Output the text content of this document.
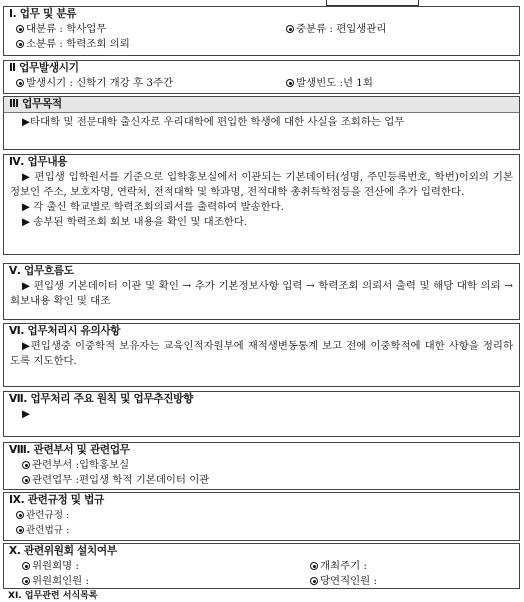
Ⅰ. 업무 및 분류
대분류 : 학사업무	중분류 : 편입생관리
소분류 : 학력조회 의뢰
Ⅱ 업무발생시기
발생시기 : 신학기 개강 후 3주간	발생빈도 :년 1회
Ⅲ 업무목적
▶타대학 및 전문대학 출신자로 우리대학에 편입한 학생에 대한 사실을 조회하는 업무
Ⅳ. 업무내용
▶ 편입생 입학원서를 기준으로 입학홍보실에서 이관되는 기본데이터(성명, 주민등록번호, 학번)이외의 기본정보인 주소, 보호자명, 연락처, 전적대학 및 학과명, 전적대학 총취득학점등을 전산에 추가 입력한다.
▶ 각 출신 학교별로 학력조회의뢰서를 출력하여 발송한다.
▶ 송부된 학력조회 회보 내용을 확인 및 대조한다.
Ⅴ. 업무흐름도
▶ 편입생 기본데이터 이관 및 확인 → 추가 기본정보사항 입력 → 학력조회 의뢰서 출력 및 해당 대학 의뢰 → 회보내용 확인 및 대조
Ⅵ. 업무처리시 유의사항
▶편입생중 이중학적 보유자는 교육인적자원부에 재적생변동통계 보고 전에 이중학적에 대한 사항을 정리하도록 지도한다.
Ⅶ. 업무처리 주요 원칙 및 업무추진방향
▶
Ⅷ. 관련부서 및 관련업무
관련부서 :입학홍보실
관련업무 :편입생 학적 기본데이터 이관
Ⅸ. 관련규정 및 법규
관련규정 :
관련법규 :
Ⅹ. 관련위원회 설치여부
위원회명 :	개최주기 :
위원회인원 :	당연직인원 :
ⅩⅠ. 업무관련 서식목록
